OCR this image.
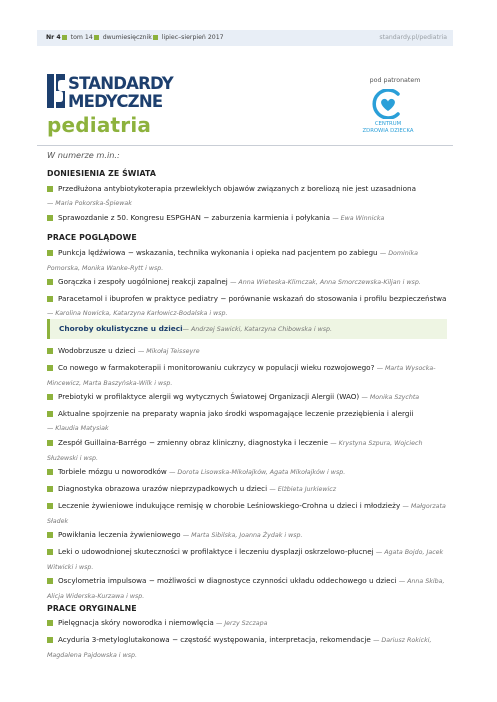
Nr 4 tom 14 dwumiesięcznik lipiec–sierpień 2017	standardy.pl/pediatria
STANDARDY
MEDYCZNE
pediatria
pod patronatem
CENTRUM
ZDROWIA DZIECKA
W numerze m.in.:
DONIESIENIA ZE ŚWIATA
Przedłużona antybiotykoterapia przewlekłych objawów związanych z boreliozą nie jest uzasadniona
— Maria Pokorska-Śpiewak
Sprawozdanie z 50. Kongresu ESPGHAN − zaburzenia karmienia i połykania — Ewa Winnicka
PRACE POGLĄDOWE
Punkcja lędźwiowa − wskazania, technika wykonania i opieka nad pacjentem po zabiegu — Dominika Pomorska, Monika Wanke-Rytt i wsp.
Gorączka i zespoły uogólnionej reakcji zapalnej — Anna Wieteska-Klimczak, Anna Smorczewska-Kiljan i wsp.
Paracetamol i ibuprofen w praktyce pediatry − porównanie wskazań do stosowania i profilu bezpieczeństwa — Karolina Nowicka, Katarzyna Karłowicz-Bodalska i wsp.
Choroby okulistyczne u dzieci— Andrzej Sawicki, Katarzyna Chibowska i wsp.
Wodobrzusze u dzieci — Mikołaj Teisseyre
Co nowego w farmakoterapii i monitorowaniu cukrzycy w populacji wieku rozwojowego? — Marta Wysocka-Mincewicz, Marta Baszyńska-Wilk i wsp.
Prebiotyki w profilaktyce alergii wg wytycznych Światowej Organizacji Alergii (WAO) — Monika Szychta
Aktualne spojrzenie na preparaty wapnia jako środki wspomagające leczenie przeziębienia i alergii
— Klaudia Matysiak
Zespół Guillaina-Barrégo − zmienny obraz kliniczny, diagnostyka i leczenie — Krystyna Szpura, Wojciech Służewski i wsp.
Torbiele mózgu u noworodków — Dorota Lisowska-Mikołajków, Agata Mikołajków i wsp.
Diagnostyka obrazowa urazów nieprzypadkowych u dzieci — Elżbieta Jurkiewicz
Leczenie żywieniowe indukujące remisję w chorobie Leśniowskiego-Crohna u dzieci i młodzieży — Małgorzata Sładek
Powikłania leczenia żywieniowego — Marta Sibilska, Joanna Żydak i wsp.
Leki o udowodnionej skuteczności w profilaktyce i leczeniu dysplazji oskrzelowo-płucnej — Agata Bojdo, Jacek Witwicki i wsp.
Oscylometria impulsowa − możliwości w diagnostyce czynności układu oddechowego u dzieci — Anna Skiba, Alicja Widerska-Kurzawa i wsp.
PRACE ORYGINALNE
Pielęgnacja skóry noworodka i niemowlęcia — Jerzy Szczapa
Acyduria 3-metyloglutakonowa − częstość występowania, interpretacja, rekomendacje — Dariusz Rokicki, Magdalena Pajdowska i wsp.
